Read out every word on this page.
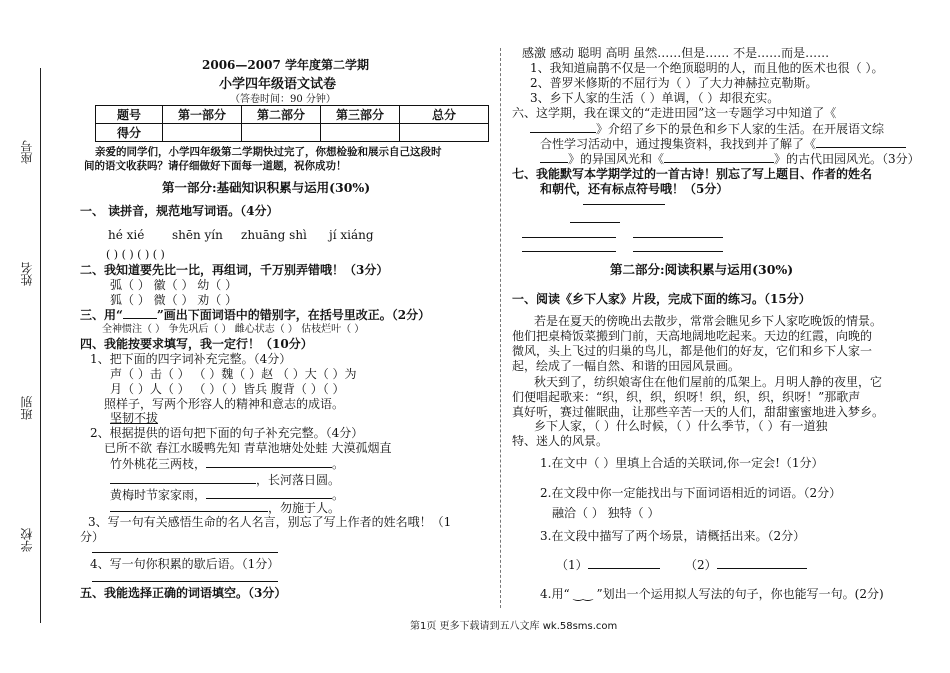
座号
姓名
班别
学校
2006—2007 学年度第二学期
小学四年级语文试卷
（答卷时间：90 分钟）
题号	第一部分	第二部分	第三部分	总分
得分				
亲爱的同学们，小学四年级第二学期快过完了，你想检验和展示自己这段时
间的语文收获吗？请仔细做好下面每一道题，祝你成功！
第一部分:基础知识积累与运用(30%)
一、 读拼音，规范地写词语。（4分）
hé xié shēn yín zhuāng shì jí xiáng
( ) ( ) ( ) ( )
二、我知道要先比一比，再组词，千万别弄错哦！（3分）
弧（ ） 徽（ ） 幼（ ）
狐（ ） 微（ ） 劝（ ）
三、用“	”画出下面词语中的错别字，在括号里改正。（2分）
全神惯注（ ） 争先巩后（ ） 雌心状志（ ） 估枝烂叶（ ）
四、我能按要求填写，我一定行！（10分）
1、把下面的四字词补充完整。（4分）
声（ ）击（ ） （ ）魏（ ）赵 （ ）大（ ）为
月（ ）人（ ） （ ）（ ）皆兵 腹背（ ）（ ）
照样子，写两个形容人的精神和意志的成语。
坚韧不拔
2、根据提供的语句把下面的句子补充完整。（4分）
已所不欲 春江水暖鸭先知 青草池塘处处蛙 大漠孤烟直
竹外桃花三两枝，	。
，长河落日圆。
黄梅时节家家雨，	。
，勿施于人。
3、写一句有关感悟生命的名人名言，别忘了写上作者的姓名哦！（1
分）
4、写一句你积累的歇后语。（1分）
五、我能选择正确的词语填空。（3分）
感激 感动 聪明 高明 虽然……但是…… 不是……而是……
1、我知道扁鹊不仅是一个绝顶聪明的人，而且他的医术也很（ ）。
2、普罗米修斯的不屈行为（ ）了大力神赫拉克勒斯。
3、乡下人家的生活（ ）单调，（ ）却很充实。
六、这学期，我在课文的“走进田园”这一专题学习中知道了《
》介绍了乡下的景色和乡下人家的生活。在开展语文综
合性学习活动中，通过搜集资料，我找到并了解了《
》的异国风光和《	》的古代田园风光。（3分）
七、我能默写本学期学过的一首古诗！别忘了写上题目、作者的姓名
和朝代，还有标点符号哦！（5分）
第二部分:阅读积累与运用(30%)
一、阅读《乡下人家》片段，完成下面的练习。（15分）
若是在夏天的傍晚出去散步，常常会瞧见乡下人家吃晚饭的情景。
他们把桌椅饭菜搬到门前，天高地阔地吃起来。天边的红霞，向晚的
微风，头上飞过的归巢的鸟儿，都是他们的好友，它们和乡下人家一
起，绘成了一幅自然、和谐的田园风景画。
秋天到了，纺织娘寄住在他们屋前的瓜架上。月明人静的夜里，它
们便唱起歌来：“织，织，织，织呀！织，织，织，织呀！”那歌声
真好听，赛过催眠曲，让那些辛苦一天的人们，甜甜蜜蜜地进入梦乡。
乡下人家，（ ）什么时候，（ ）什么季节，（ ）有一道独
特、迷人的风景。
1.在文中（ ）里填上合适的关联词,你一定会!（1分）
2.在文段中你一定能找出与下面词语相近的词语。（2分）
融洽（ ） 独特（ ）
3.在文段中描写了两个场景，请概括出来。（2分）
（1）	（2）
4.用“ ‿‿ ”划出一个运用拟人写法的句子，你也能写一句。(2分)
第1页 更多下载请到五八文库 wk.58sms.com
